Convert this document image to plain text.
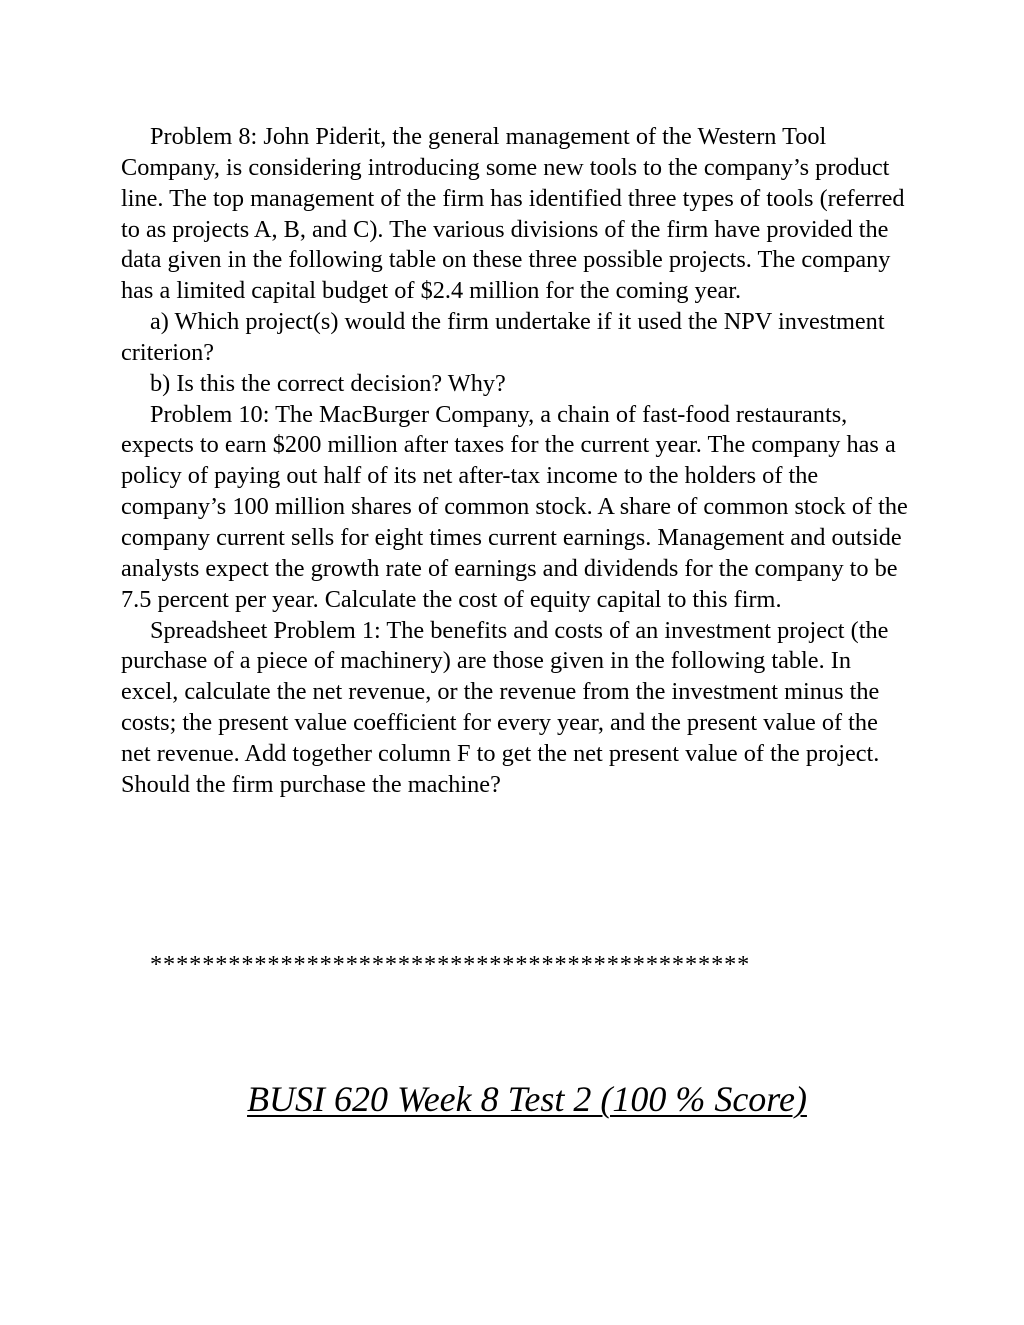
Problem 8: John Piderit, the general management of the Western Tool Company, is considering introducing some new tools to the company’s product line. The top management of the firm has identified three types of tools (referred to as projects A, B, and C). The various divisions of the firm have provided the data given in the following table on these three possible projects. The company has a limited capital budget of $2.4 million for the coming year.

a) Which project(s) would the firm undertake if it used the NPV investment criterion?

b) Is this the correct decision? Why?

Problem 10: The MacBurger Company, a chain of fast-food restaurants, expects to earn $200 million after taxes for the current year. The company has a policy of paying out half of its net after-tax income to the holders of the company’s 100 million shares of common stock. A share of common stock of the company current sells for eight times current earnings. Management and outside analysts expect the growth rate of earnings and dividends for the company to be 7.5 percent per year. Calculate the cost of equity capital to this firm.

Spreadsheet Problem 1: The benefits and costs of an investment project (the purchase of a piece of machinery) are those given in the following table. In excel, calculate the net revenue, or the revenue from the investment minus the costs; the present value coefficient for every year, and the present value of the net revenue. Add together column F to get the net present value of the project. Should the firm purchase the machine?

**********************************************
BUSI 620 Week 8 Test 2 (100 % Score)
